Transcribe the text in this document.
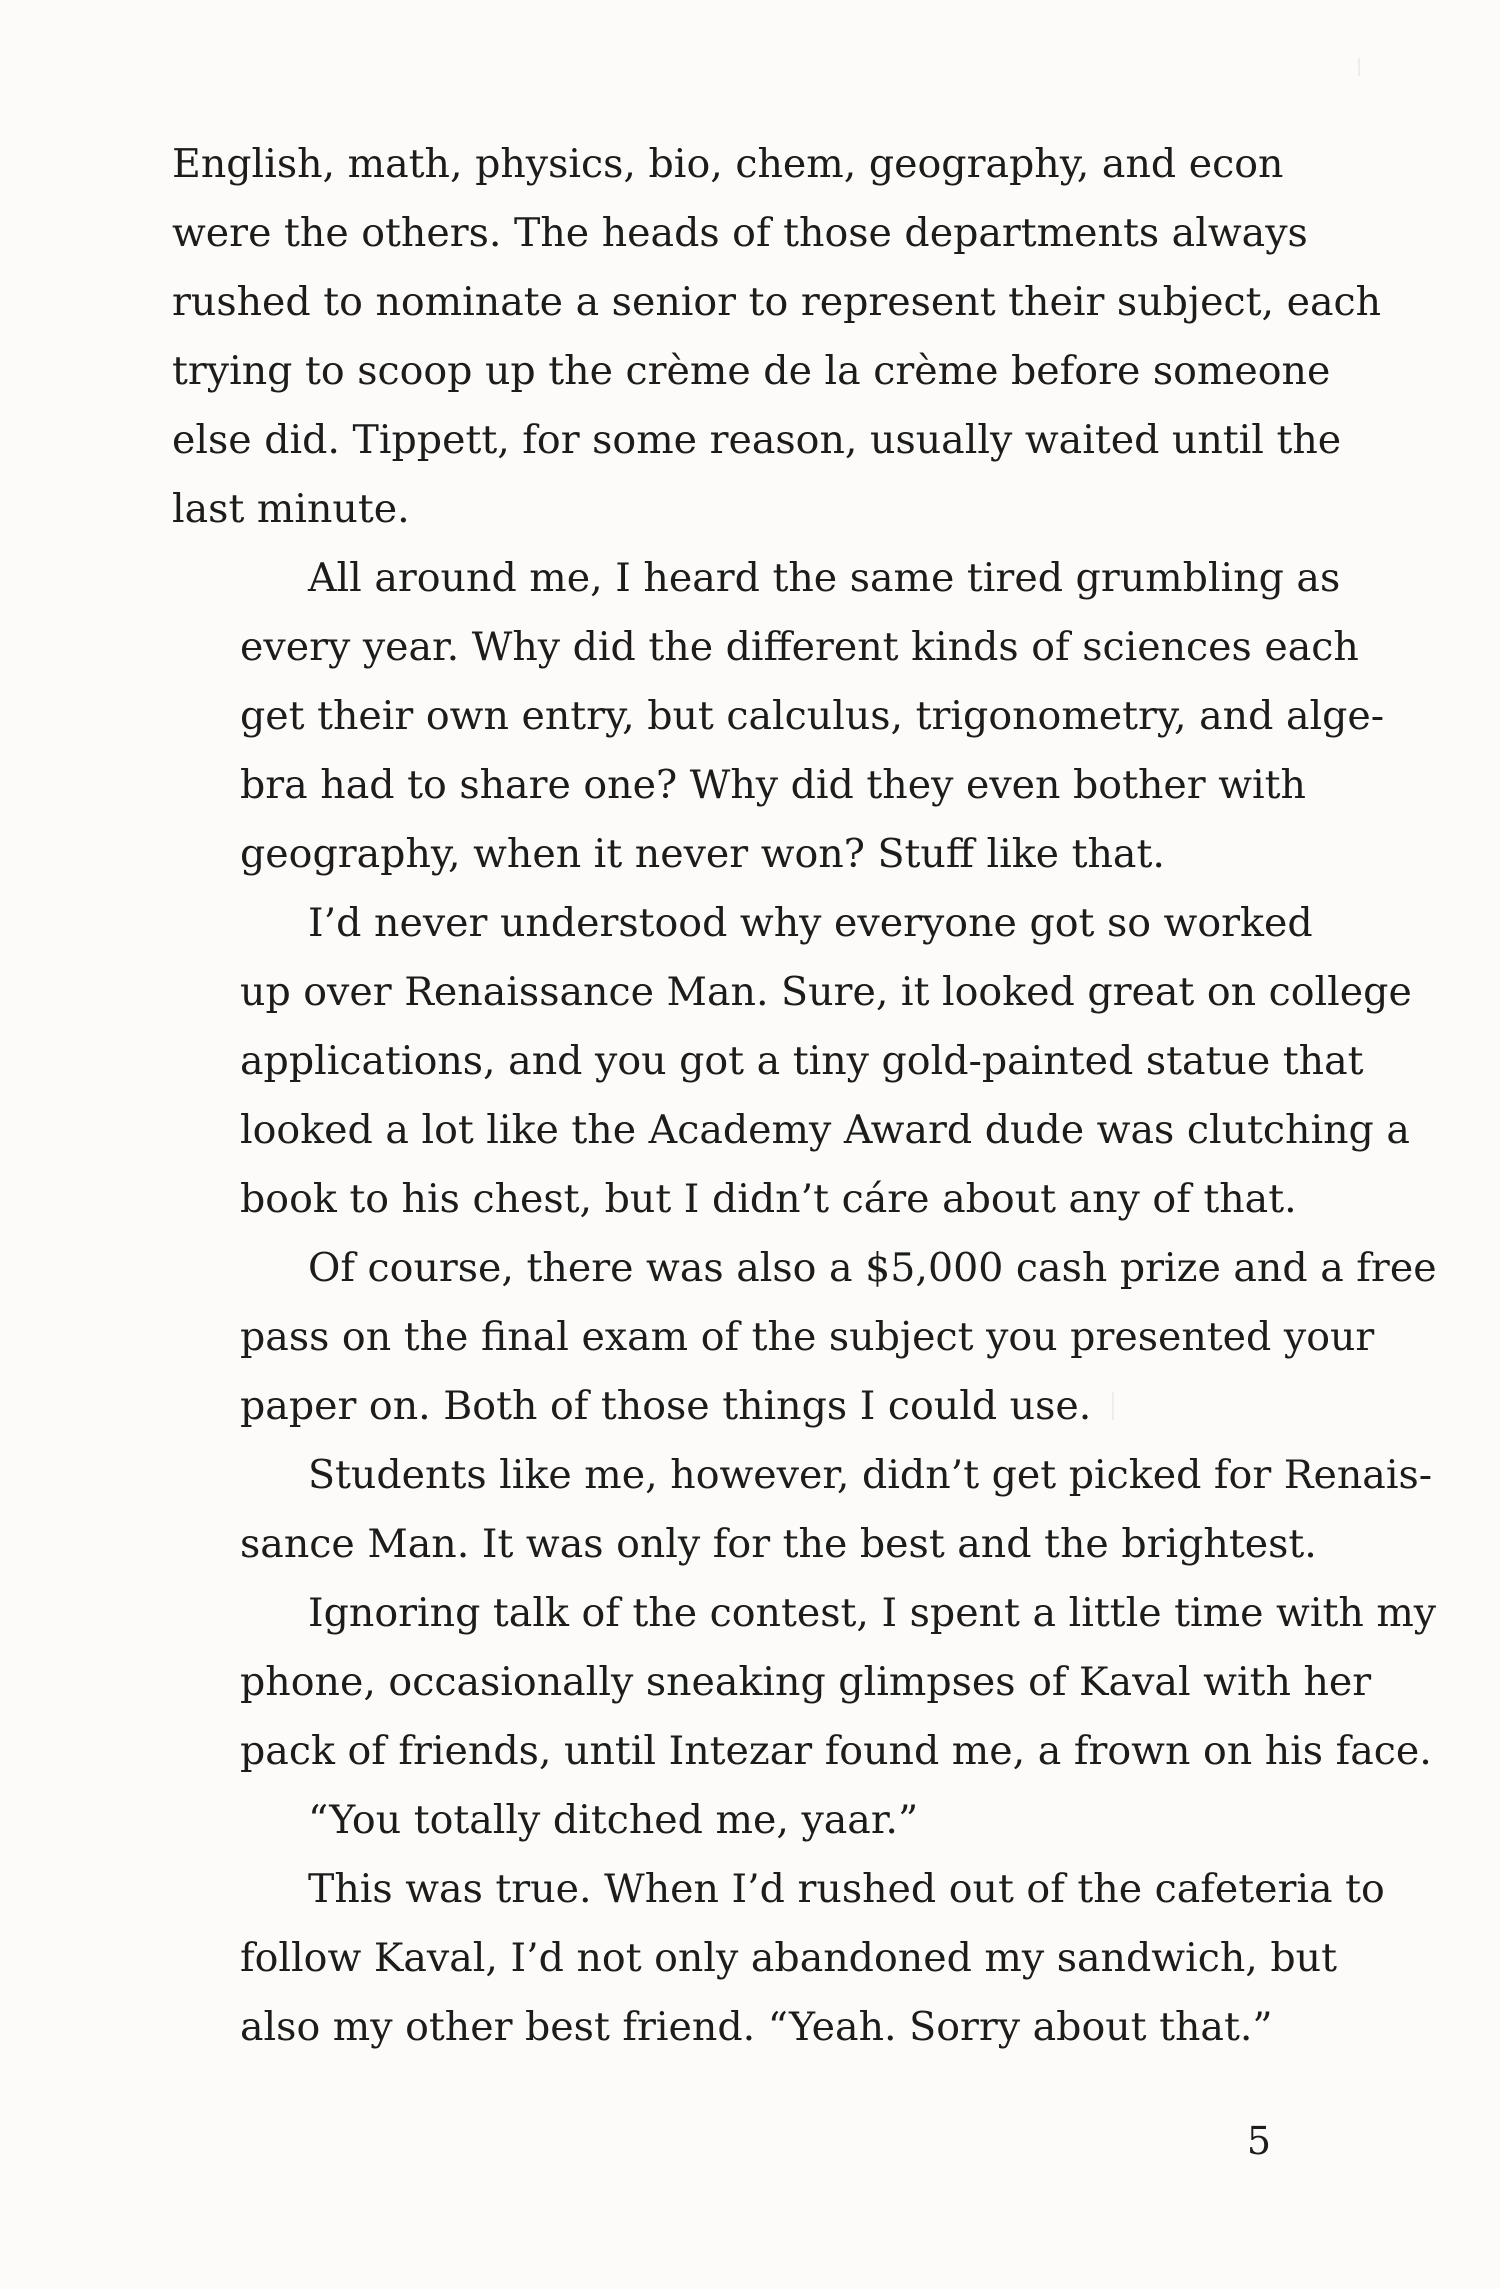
English, math, physics, bio, chem, geography, and econ
were the others. The heads of those departments always
rushed to nominate a senior to represent their subject, each
trying to scoop up the crème de la crème before someone
else did. Tippett, for some reason, usually waited until the
last minute.

All around me, I heard the same tired grumbling as
every year. Why did the different kinds of sciences each
get their own entry, but calculus, trigonometry, and alge-
bra had to share one? Why did they even bother with
geography, when it never won? Stuff like that.

I’d never understood why everyone got so worked
up over Renaissance Man. Sure, it looked great on college
applications, and you got a tiny gold-painted statue that
looked a lot like the Academy Award dude was clutching a
book to his chest, but I didn’t cáre about any of that.

Of course, there was also a $5,000 cash prize and a free
pass on the final exam of the subject you presented your
paper on. Both of those things I could use.

Students like me, however, didn’t get picked for Renais-
sance Man. It was only for the best and the brightest.

Ignoring talk of the contest, I spent a little time with my
phone, occasionally sneaking glimpses of Kaval with her
pack of friends, until Intezar found me, a frown on his face.

“You totally ditched me, yaar.”

This was true. When I’d rushed out of the cafeteria to
follow Kaval, I’d not only abandoned my sandwich, but
also my other best friend. “Yeah. Sorry about that.”

5
